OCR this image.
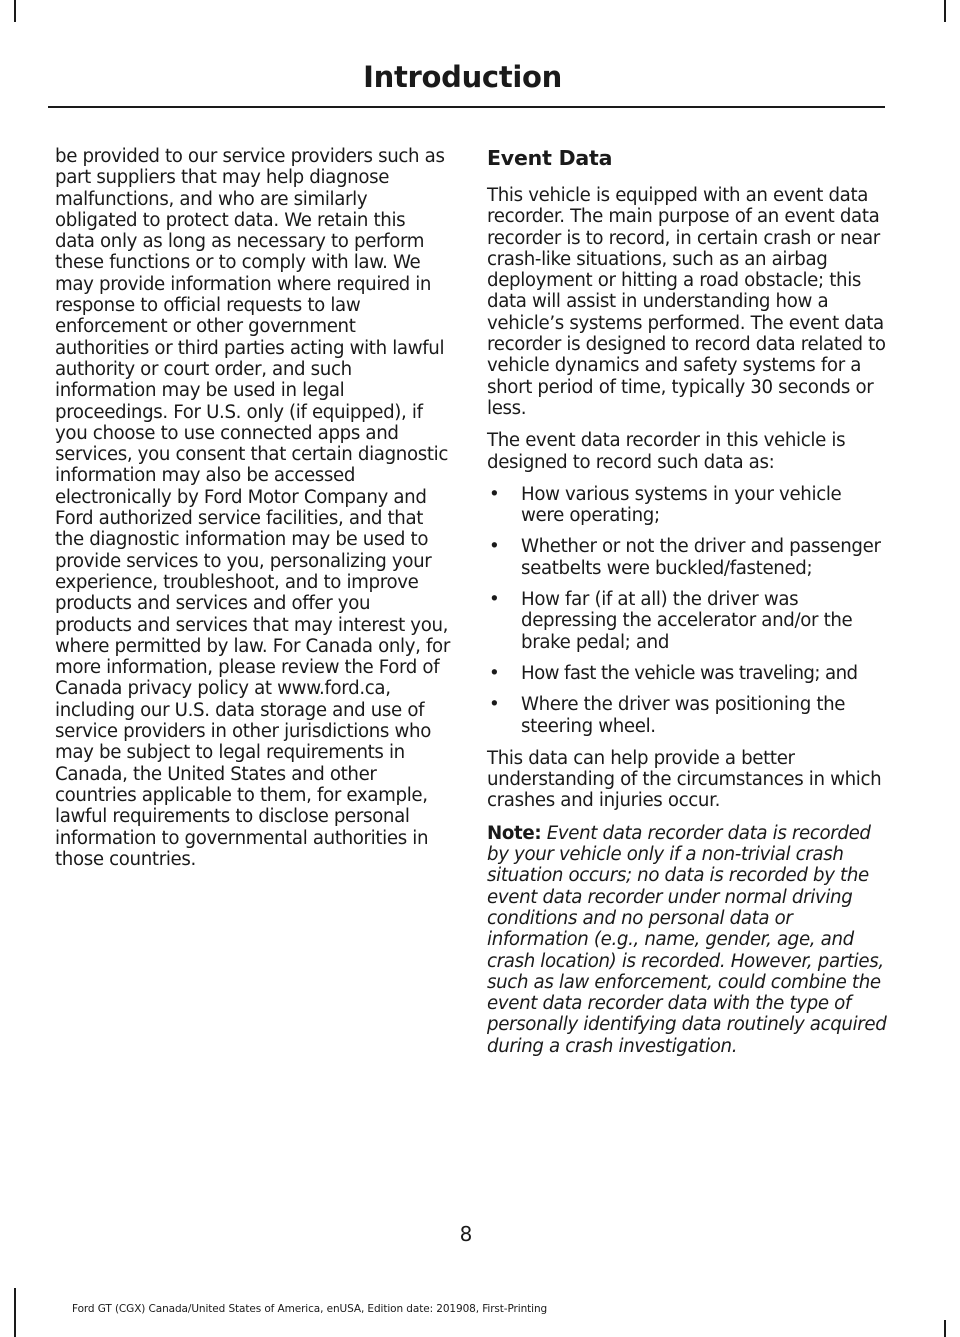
Introduction

be provided to our service providers such as part suppliers that may help diagnose malfunctions, and who are similarly obligated to protect data. We retain this data only as long as necessary to perform these functions or to comply with law. We may provide information where required in response to official requests to law enforcement or other government authorities or third parties acting with lawful authority or court order, and such information may be used in legal proceedings. For U.S. only (if equipped), if you choose to use connected apps and services, you consent that certain diagnostic information may also be accessed electronically by Ford Motor Company and Ford authorized service facilities, and that the diagnostic information may be used to provide services to you, personalizing your experience, troubleshoot, and to improve products and services and offer you products and services that may interest you, where permitted by law. For Canada only, for more information, please review the Ford of Canada privacy policy at www.ford.ca, including our U.S. data storage and use of service providers in other jurisdictions who may be subject to legal requirements in Canada, the United States and other countries applicable to them, for example, lawful requirements to disclose personal information to governmental authorities in those countries.

Event Data

This vehicle is equipped with an event data recorder. The main purpose of an event data recorder is to record, in certain crash or near crash-like situations, such as an airbag deployment or hitting a road obstacle; this data will assist in understanding how a vehicle’s systems performed. The event data recorder is designed to record data related to vehicle dynamics and safety systems for a short period of time, typically 30 seconds or less.

The event data recorder in this vehicle is designed to record such data as:

• How various systems in your vehicle were operating;
• Whether or not the driver and passenger seatbelts were buckled/fastened;
• How far (if at all) the driver was depressing the accelerator and/or the brake pedal; and
• How fast the vehicle was traveling; and
• Where the driver was positioning the steering wheel.

This data can help provide a better understanding of the circumstances in which crashes and injuries occur.

Note: Event data recorder data is recorded by your vehicle only if a non-trivial crash situation occurs; no data is recorded by the event data recorder under normal driving conditions and no personal data or information (e.g., name, gender, age, and crash location) is recorded. However, parties, such as law enforcement, could combine the event data recorder data with the type of personally identifying data routinely acquired during a crash investigation.

8
Ford GT (CGX) Canada/United States of America, enUSA, Edition date: 201908, First-Printing
